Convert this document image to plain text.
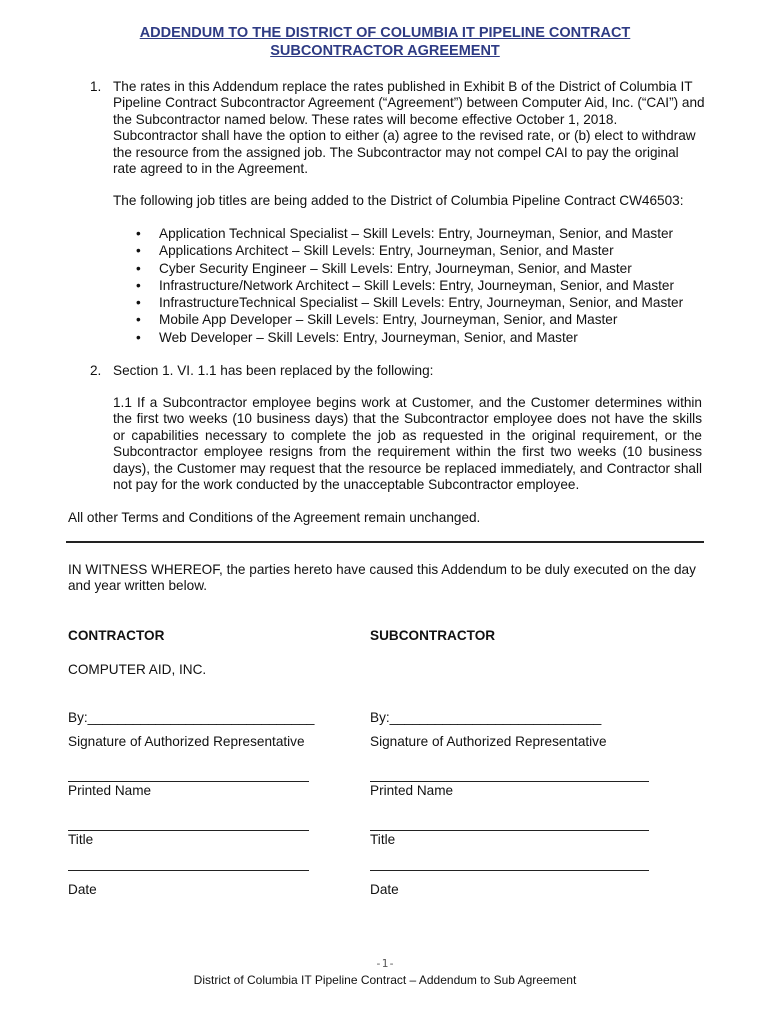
ADDENDUM TO THE DISTRICT OF COLUMBIA IT PIPELINE CONTRACT
SUBCONTRACTOR AGREEMENT
1. The rates in this Addendum replace the rates published in Exhibit B of the District of Columbia IT Pipeline Contract Subcontractor Agreement (“Agreement”) between Computer Aid, Inc. (“CAI”) and the Subcontractor named below. These rates will become effective October 1, 2018. Subcontractor shall have the option to either (a) agree to the revised rate, or (b) elect to withdraw the resource from the assigned job. The Subcontractor may not compel CAI to pay the original rate agreed to in the Agreement.
The following job titles are being added to the District of Columbia Pipeline Contract CW46503:
• Application Technical Specialist – Skill Levels: Entry, Journeyman, Senior, and Master
• Applications Architect – Skill Levels: Entry, Journeyman, Senior, and Master
• Cyber Security Engineer – Skill Levels: Entry, Journeyman, Senior, and Master
• Infrastructure/Network Architect – Skill Levels: Entry, Journeyman, Senior, and Master
• InfrastructureTechnical Specialist – Skill Levels: Entry, Journeyman, Senior, and Master
• Mobile App Developer – Skill Levels: Entry, Journeyman, Senior, and Master
• Web Developer – Skill Levels: Entry, Journeyman, Senior, and Master
2. Section 1. VI. 1.1 has been replaced by the following:
1.1 If a Subcontractor employee begins work at Customer, and the Customer determines within the first two weeks (10 business days) that the Subcontractor employee does not have the skills or capabilities necessary to complete the job as requested in the original requirement, or the Subcontractor employee resigns from the requirement within the first two weeks (10 business days), the Customer may request that the resource be replaced immediately, and Contractor shall not pay for the work conducted by the unacceptable Subcontractor employee.
All other Terms and Conditions of the Agreement remain unchanged.
IN WITNESS WHEREOF, the parties hereto have caused this Addendum to be duly executed on the day and year written below.
CONTRACTOR
COMPUTER AID, INC.
By:______________________________
Signature of Authorized Representative
Printed Name
Title
Date
SUBCONTRACTOR
By:____________________________
Signature of Authorized Representative
Printed Name
Title
Date
-1-
District of Columbia IT Pipeline Contract – Addendum to Sub Agreement
